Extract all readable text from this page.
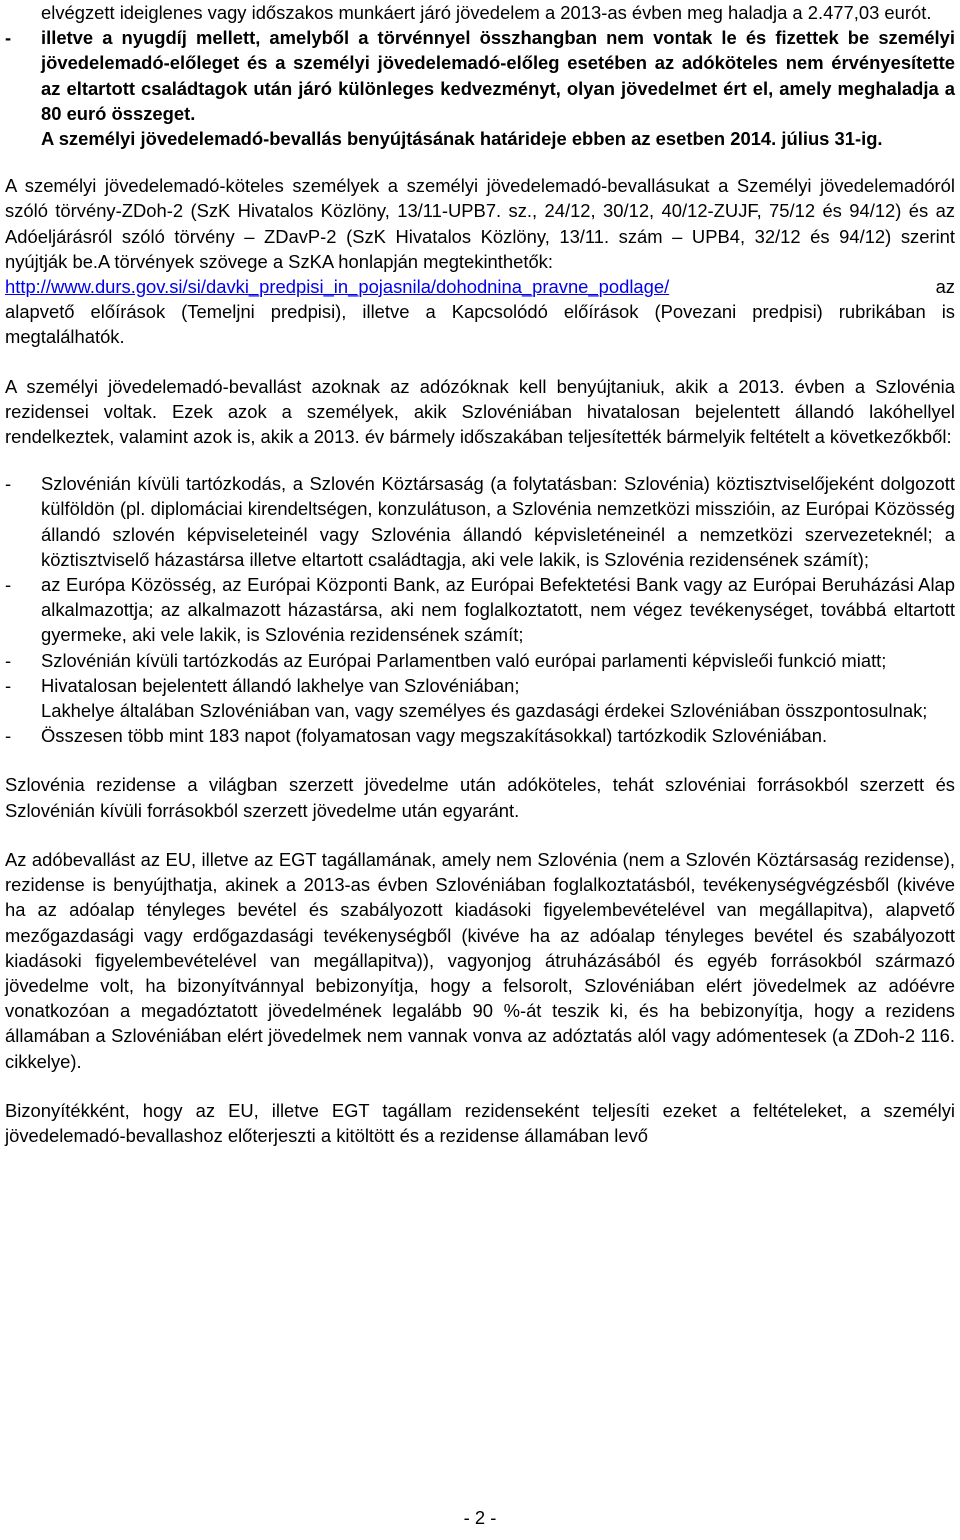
elvégzett ideiglenes vagy időszakos munkáert járó jövedelem a 2013-as évben meg haladja a 2.477,03 eurót.

- illetve a nyugdíj mellett, amelyből a törvénnyel összhangban nem vontak le és fizettek be személyi jövedelemadó-előleget és a személyi jövedelemadó-előleg esetében az adóköteles nem érvényesítette az eltartott családtagok után járó különleges kedvezményt, olyan jövedelmet ért el, amely meghaladja a 80 euró összeget.

A személyi jövedelemadó-bevallás benyújtásának határideje ebben az esetben 2014. július 31-ig.

A személyi jövedelemadó-köteles személyek a személyi jövedelemadó-bevallásukat a Személyi jövedelemadóról szóló törvény-ZDoh-2 (SzK Hivatalos Közlöny, 13/11-UPB7. sz., 24/12, 30/12, 40/12-ZUJF, 75/12 és 94/12) és az Adóeljárásról szóló törvény – ZDavP-2 (SzK Hivatalos Közlöny, 13/11. szám – UPB4, 32/12 és 94/12) szerint nyújtják be.A törvények szövege a SzKA honlapján megtekinthetők:

http://www.durs.gov.si/si/davki_predpisi_in_pojasnila/dohodnina_pravne_podlage/	az

alapvető előírások (Temeljni predpisi), illetve a Kapcsolódó előírások (Povezani predpisi) rubrikában is megtalálhatók.

A személyi jövedelemadó-bevallást azoknak az adózóknak kell benyújtaniuk, akik a 2013. évben a Szlovénia rezidensei voltak. Ezek azok a személyek, akik Szlovéniában hivatalosan bejelentett állandó lakóhellyel rendelkeztek, valamint azok is, akik a 2013. év bármely időszakában teljesítették bármelyik feltételt a következőkből:

- Szlovénián kívüli tartózkodás, a Szlovén Köztársaság (a folytatásban: Szlovénia) köztisztviselőjeként dolgozott külföldön (pl. diplomáciai kirendeltségen, konzulátuson, a Szlovénia nemzetközi misszióin, az Európai Közösség állandó szlovén képviseleteinél vagy Szlovénia állandó képvisleténeinél a nemzetközi szervezeteknél; a köztisztviselő házastársa illetve eltartott családtagja, aki vele lakik, is Szlovénia rezidensének számít);
- az Európa Közösség, az Európai Központi Bank, az Európai Befektetési Bank vagy az Európai Beruházási Alap alkalmazottja; az alkalmazott házastársa, aki nem foglalkoztatott, nem végez tevékenységet, továbbá eltartott gyermeke, aki vele lakik, is Szlovénia rezidensének számít;
- Szlovénián kívüli tartózkodás az Európai Parlamentben való európai parlamenti képvisleői funkció miatt;
- Hivatalosan bejelentett állandó lakhelye van Szlovéniában;

Lakhelye általában Szlovéniában van, vagy személyes és gazdasági érdekei Szlovéniában összpontosulnak;

- Összesen több mint 183 napot (folyamatosan vagy megszakításokkal) tartózkodik Szlovéniában.

Szlovénia rezidense a világban szerzett jövedelme után adóköteles, tehát szlovéniai forrásokból szerzett és Szlovénián kívüli forrásokból szerzett jövedelme után egyaránt.

Az adóbevallást az EU, illetve az EGT tagállamának, amely nem Szlovénia (nem a Szlovén Köztársaság rezidense), rezidense is benyújthatja, akinek a 2013-as évben Szlovéniában foglalkoztatásból, tevékenységvégzésből (kivéve ha az adóalap tényleges bevétel és szabályozott kiadásoki figyelembevételével van megállapitva), alapvető mezőgazdasági vagy erdőgazdasági tevékenységből (kivéve ha az adóalap tényleges bevétel és szabályozott kiadásoki figyelembevételével van megállapitva)), vagyonjog átruházásából és egyéb forrásokból származó jövedelme volt, ha bizonyítvánnyal bebizonyítja, hogy a felsorolt, Szlovéniában elért jövedelmek az adóévre vonatkozóan a megadóztatott jövedelmének legalább 90 %-át teszik ki, és ha bebizonyítja, hogy a rezidens államában a Szlovéniában elért jövedelmek nem vannak vonva az adóztatás alól vagy adómentesek (a ZDoh-2 116. cikkelye).

Bizonyítékként, hogy az EU, illetve EGT tagállam rezidenseként teljesíti ezeket a feltételeket, a személyi jövedelemadó-bevallashoz előterjeszti a kitöltött és a rezidense államában levő

- 2 -
